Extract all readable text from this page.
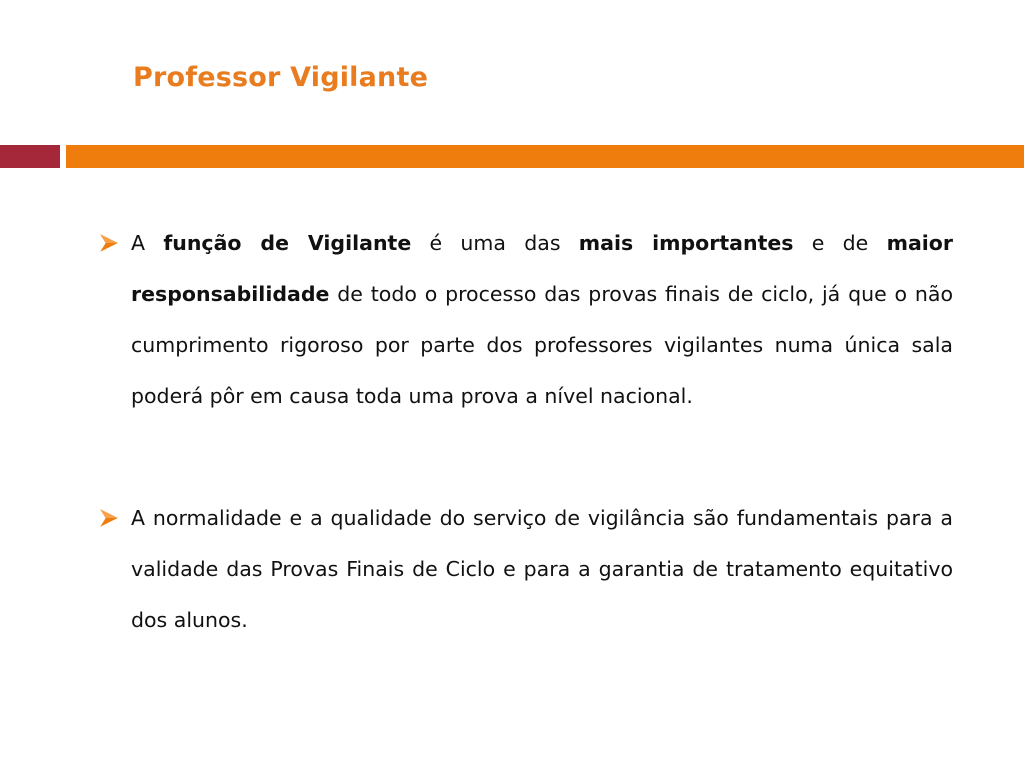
Professor Vigilante
A função de Vigilante é uma das mais importantes e de maior responsabilidade de todo o processo das provas finais de ciclo, já que o não cumprimento rigoroso por parte dos professores vigilantes numa única sala poderá pôr em causa toda uma prova a nível nacional.
A normalidade e a qualidade do serviço de vigilância são fundamentais para a validade das Provas Finais de Ciclo e para a garantia de tratamento equitativo dos alunos.
